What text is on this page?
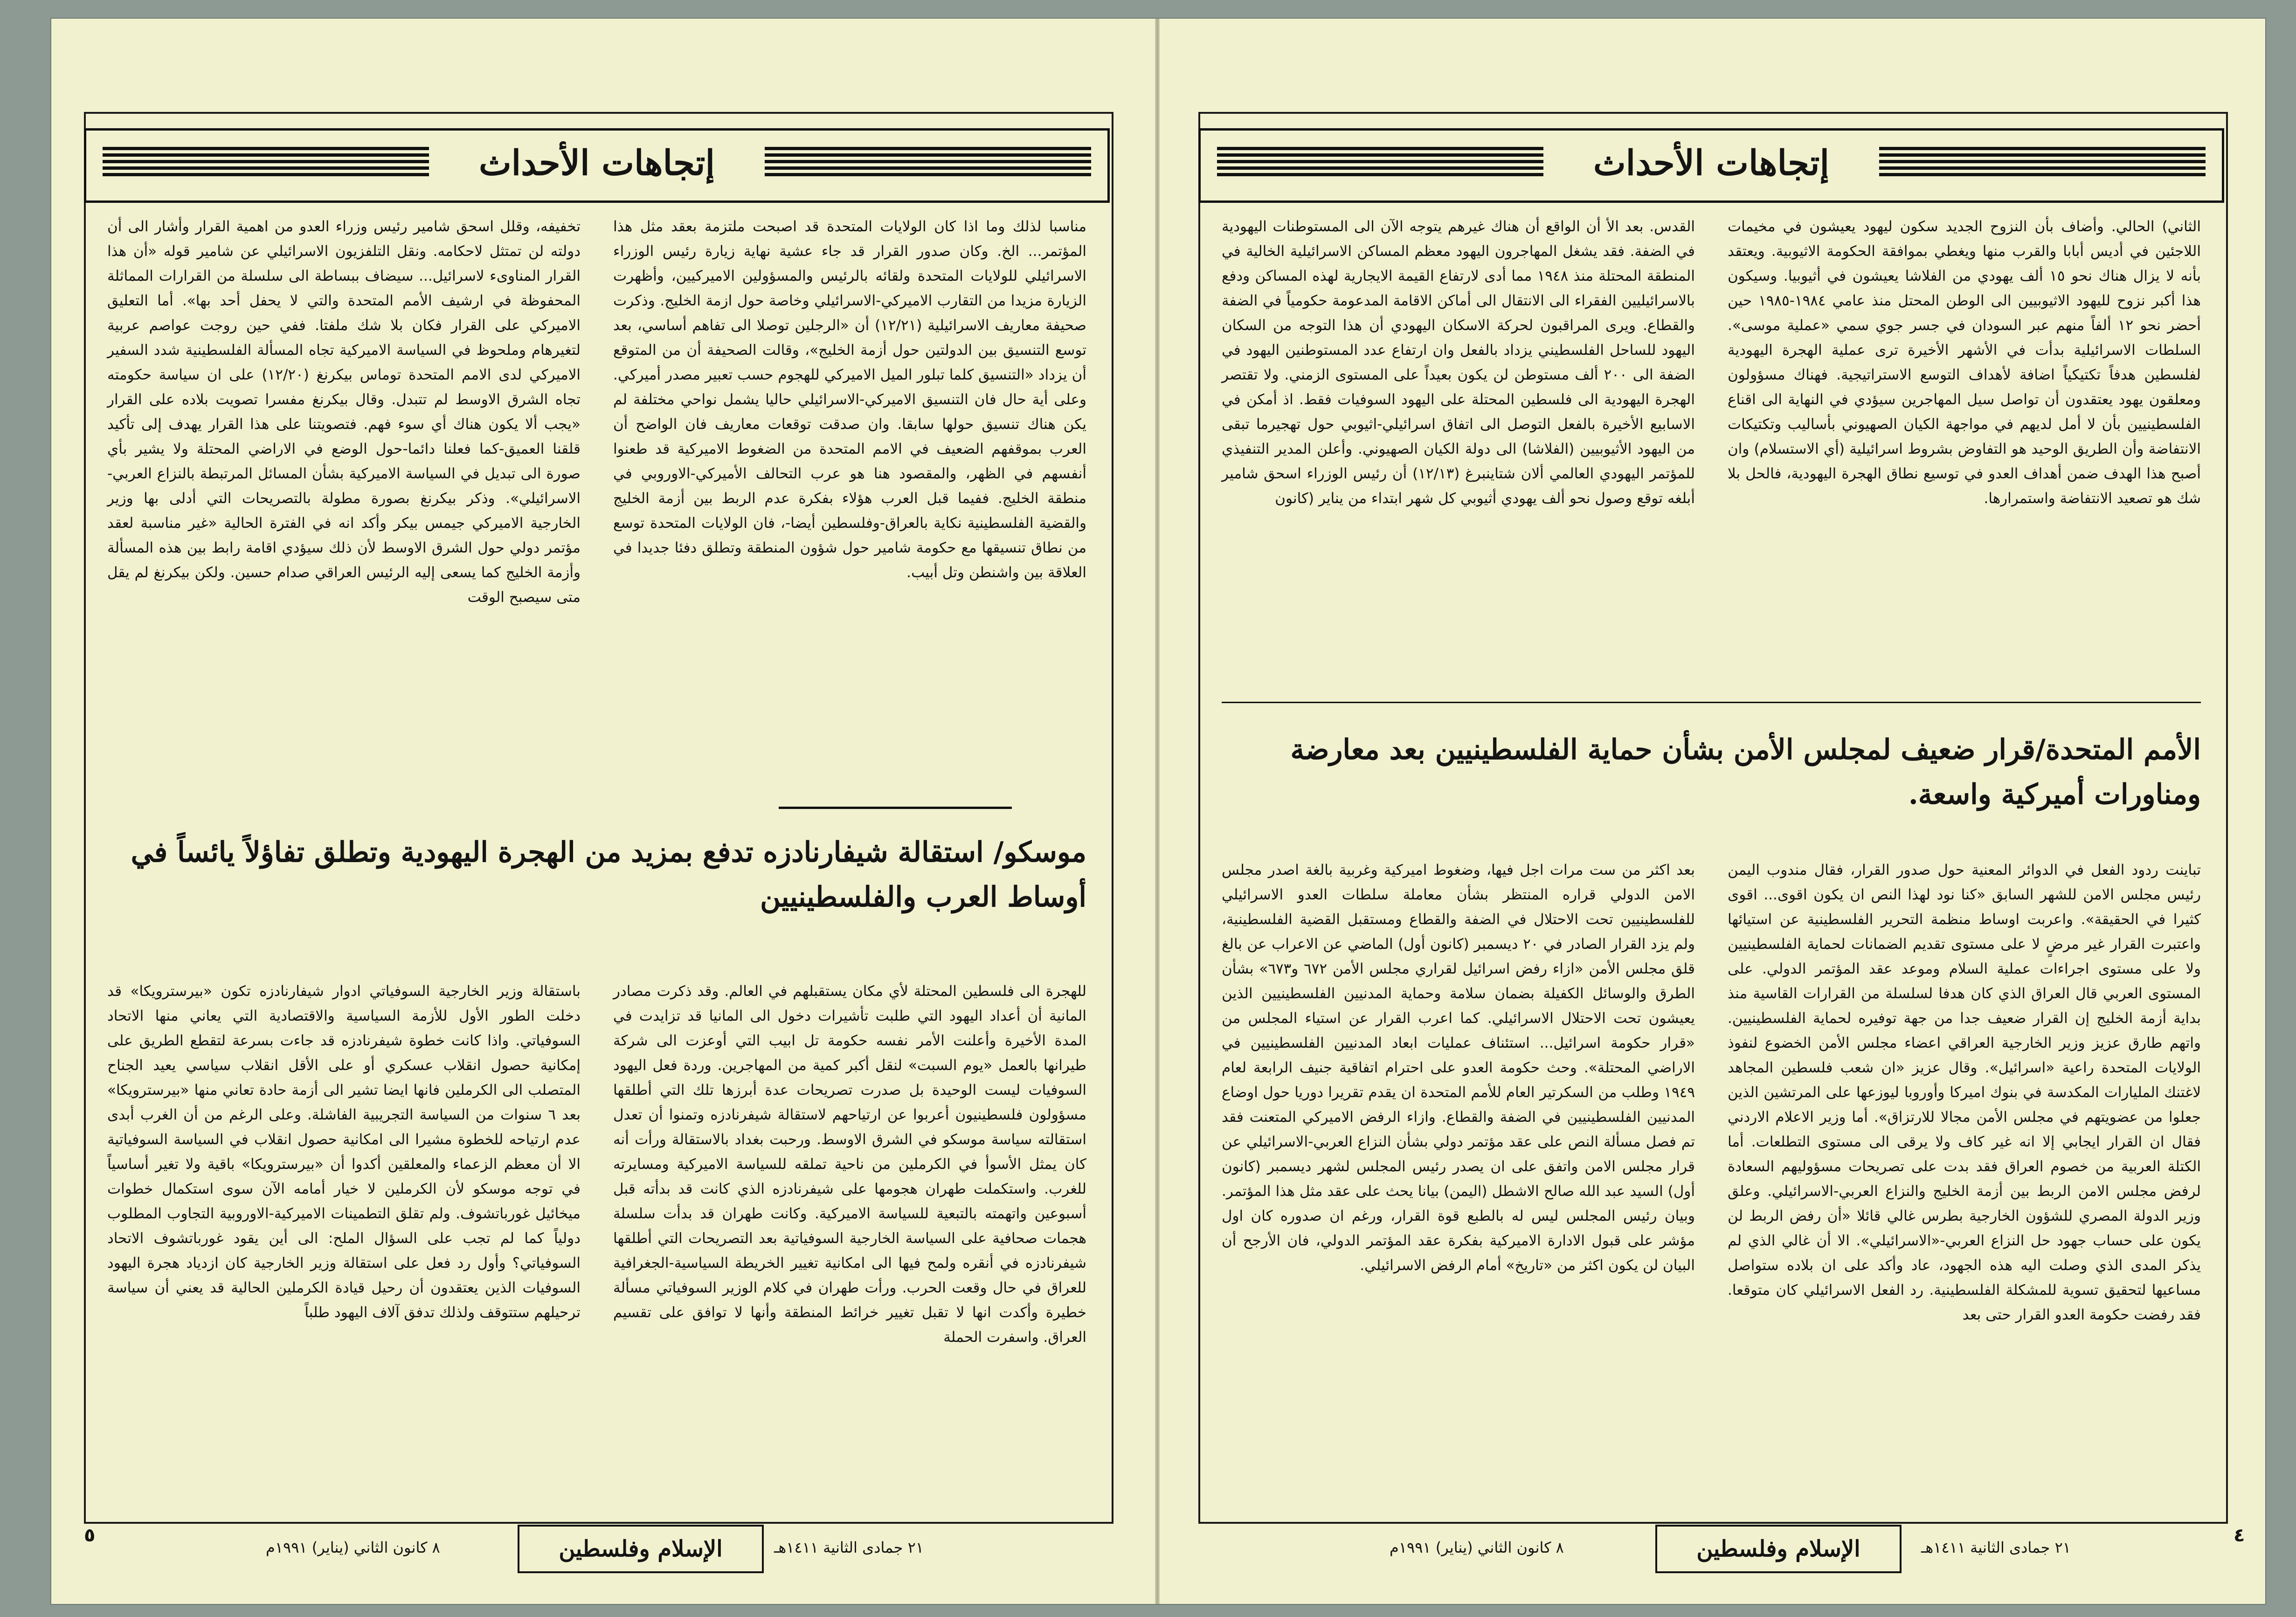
إتجاهات الأحداث

مناسبا لذلك وما اذا كان الولايات المتحدة قد اصبحت ملتزمة بعقد مثل هذا المؤتمر... الخ. وكان صدور القرار قد جاء عشية نهاية زيارة رئيس الوزراء الاسرائيلي للولايات المتحدة ولقائه بالرئيس والمسؤولين الاميركيين، وأظهرت الزيارة مزيدا من التقارب الاميركي-الاسرائيلي وخاصة حول ازمة الخليج. وذكرت صحيفة معاريف الاسرائيلية (١٢/٢١) أن «الرجلين توصلا الى تفاهم أساسي، بعد توسع التنسيق بين الدولتين حول أزمة الخليج»، وقالت الصحيفة أن من المتوقع أن يزداد «التنسيق كلما تبلور الميل الاميركي للهجوم حسب تعبير مصدر أميركي. وعلى أية حال فان التنسيق الاميركي-الاسرائيلي حاليا يشمل نواحي مختلفة لم يكن هناك تنسيق حولها سابقا. وان صدقت توقعات معاريف فان الواضح أن العرب بموقفهم الضعيف في الامم المتحدة من الضغوط الاميركية قد طعنوا أنفسهم في الظهر، والمقصود هنا هو عرب التحالف الأميركي-الاوروبي في منطقة الخليج. ففيما قبل العرب هؤلاء بفكرة عدم الربط بين أزمة الخليج والقضية الفلسطينية نكاية بالعراق-وفلسطين أيضا-، فان الولايات المتحدة توسع من نطاق تنسيقها مع حكومة شامير حول شؤون المنطقة وتطلق دفئا جديدا في العلاقة بين واشنطن وتل أبيب.

تخفيفه، وقلل اسحق شامير رئيس وزراء العدو من اهمية القرار وأشار الى أن دولته لن تمتثل لاحكامه. ونقل التلفزيون الاسرائيلي عن شامير قوله «أن هذا القرار المناوىء لاسرائيل... سيضاف ببساطة الى سلسلة من القرارات المماثلة المحفوظة في ارشيف الأمم المتحدة والتي لا يحفل أحد بها». أما التعليق الاميركي على القرار فكان بلا شك ملفتا. ففي حين روجت عواصم عربية لتغيرهام وملحوظ في السياسة الاميركية تجاه المسألة الفلسطينية شدد السفير الاميركي لدى الامم المتحدة توماس بيكرنغ (١٢/٢٠) على ان سياسة حكومته تجاه الشرق الاوسط لم تتبدل. وقال بيكرنغ مفسرا تصويت بلاده على القرار «يجب ألا يكون هناك أي سوء فهم. فتصويتنا على هذا القرار يهدف إلى تأكيد قلقنا العميق-كما فعلنا دائما-حول الوضع في الاراضي المحتلة ولا يشير بأي صورة الى تبديل في السياسة الاميركية بشأن المسائل المرتبطة بالنزاع العربي-الاسرائيلي». وذكر بيكرنغ بصورة مطولة بالتصريحات التي أدلى بها وزير الخارجية الاميركي جيمس بيكر وأكد انه في الفترة الحالية «غير مناسبة لعقد مؤتمر دولي حول الشرق الاوسط لأن ذلك سيؤدي اقامة رابط بين هذه المسألة وأزمة الخليج كما يسعى إليه الرئيس العراقي صدام حسين. ولكن بيكرنغ لم يقل متى سيصبح الوقت

موسكو/ استقالة شيفارنادزه تدفع بمزيد من الهجرة اليهودية وتطلق تفاؤلاً يائساً في أوساط العرب والفلسطينيين

للهجرة الى فلسطين المحتلة لأي مكان يستقبلهم في العالم. وقد ذكرت مصادر المانية أن أعداد اليهود التي طلبت تأشيرات دخول الى المانيا قد تزايدت في المدة الأخيرة وأعلنت الأمر نفسه حكومة تل ابيب التي أوعزت الى شركة طيرانها بالعمل «يوم السبت» لنقل أكبر كمية من المهاجرين. وردة فعل اليهود السوفيات ليست الوحيدة بل صدرت تصريحات عدة أبرزها تلك التي أطلقها مسؤولون فلسطينيون أعربوا عن ارتياحهم لاستقالة شيفرنادزه وتمنوا أن تعدل استقالته سياسة موسكو في الشرق الاوسط. ورحبت بغداد بالاستقالة ورأت أنه كان يمثل الأسوأ في الكرملين من ناحية تملقه للسياسة الاميركية ومسايرته للغرب. واستكملت طهران هجومها على شيفرنادزه الذي كانت قد بدأته قبل أسبوعين واتهمته بالتبعية للسياسة الاميركية. وكانت طهران قد بدأت سلسلة هجمات صحافية على السياسة الخارجية السوفياتية بعد التصريحات التي أطلقها شيفرنادزه في أنقره ولمح فيها الى امكانية تغيير الخريطة السياسية-الجغرافية للعراق في حال وقعت الحرب. ورأت طهران في كلام الوزير السوفياتي مسألة خطيرة وأكدت انها لا تقبل تغيير خرائط المنطقة وأنها لا توافق على تقسيم العراق. واسفرت الحملة

باستقالة وزير الخارجية السوفياتي ادوار شيفارنادزه تكون «بيرسترويكا» قد دخلت الطور الأول للأزمة السياسية والاقتصادية التي يعاني منها الاتحاد السوفياتي. واذا كانت خطوة شيفرنادزه قد جاءت بسرعة لتقطع الطريق على إمكانية حصول انقلاب عسكري أو على الأقل انقلاب سياسي يعيد الجناح المتصلب الى الكرملين فانها ايضا تشير الى أزمة حادة تعاني منها «بيرسترويكا» بعد ٦ سنوات من السياسة التجريبية الفاشلة. وعلى الرغم من أن الغرب أبدى عدم ارتياحه للخطوة مشيرا الى امكانية حصول انقلاب في السياسة السوفياتية الا أن معظم الزعماء والمعلقين أكدوا أن «بيرسترويكا» باقية ولا تغير أساسياً في توجه موسكو لأن الكرملين لا خيار أمامه الآن سوى استكمال خطوات ميخائيل غورباتشوف. ولم تقلق التطمينات الاميركية-الاوروبية التجاوب المطلوب دولياً كما لم تجب على السؤال الملح: الى أين يقود غورباتشوف الاتحاد السوفياتي؟ وأول رد فعل على استقالة وزير الخارجية كان ازدياد هجرة اليهود السوفيات الذين يعتقدون أن رحيل قيادة الكرملين الحالية قد يعني أن سياسة ترحيلهم ستتوقف ولذلك تدفق آلاف اليهود طلباً

٥
الإسلام وفلسطين	٢١ جمادى الثانية ١٤١١هـ
٨ كانون الثاني (يناير) ١٩٩١م
إتجاهات الأحداث

الثاني) الحالي. وأضاف بأن النزوح الجديد سكون ليهود يعيشون في مخيمات اللاجئين في أديس أبابا والقرب منها ويغطي بموافقة الحكومة الاثيوبية. ويعتقد بأنه لا يزال هناك نحو ١٥ ألف يهودي من الفلاشا يعيشون في أثيوبيا. وسيكون هذا أكبر نزوح لليهود الاثيوبيين الى الوطن المحتل منذ عامي ١٩٨٤-١٩٨٥ حين أحضر نحو ١٢ ألفاً منهم عبر السودان في جسر جوي سمي «عملية موسى». السلطات الاسرائيلية بدأت في الأشهر الأخيرة ترى عملية الهجرة اليهودية لفلسطين هدفاً تكتيكياً اضافة لأهداف التوسع الاستراتيجية. فهناك مسؤولون ومعلقون يهود يعتقدون أن تواصل سيل المهاجرين سيؤدي في النهاية الى اقناع الفلسطينيين بأن لا أمل لديهم في مواجهة الكيان الصهيوني بأساليب وتكتيكات الانتفاضة وأن الطريق الوحيد هو التفاوض بشروط اسرائيلية (أي الاستسلام) وان أصبح هذا الهدف ضمن أهداف العدو في توسيع نطاق الهجرة اليهودية، فالحل بلا شك هو تصعيد الانتفاضة واستمرارها.

القدس. بعد الأ أن الواقع أن هناك غيرهم يتوجه الآن الى المستوطنات اليهودية في الضفة. فقد يشغل المهاجرون اليهود معظم المساكن الاسرائيلية الخالية في المنطقة المحتلة منذ ١٩٤٨ مما أدى لارتفاع القيمة الايجارية لهذه المساكن ودفع بالاسرائيليين الفقراء الى الانتقال الى أماكن الاقامة المدعومة حكومياً في الضفة والقطاع. ويرى المراقبون لحركة الاسكان اليهودي أن هذا التوجه من السكان اليهود للساحل الفلسطيني يزداد بالفعل وان ارتفاع عدد المستوطنين اليهود في الضفة الى ٢٠٠ ألف مستوطن لن يكون بعيداً على المستوى الزمني. ولا تقتصر الهجرة اليهودية الى فلسطين المحتلة على اليهود السوفيات فقط. اذ أمكن في الاسابيع الأخيرة بالفعل التوصل الى اتفاق اسرائيلي-اثيوبي حول تهجيرما تبقى من اليهود الأثيوبيين (الفلاشا) الى دولة الكيان الصهيوني. وأعلن المدير التنفيذي للمؤتمر اليهودي العالمي ألان شتاينبرغ (١٢/١٣) أن رئيس الوزراء اسحق شامير أبلغه توقع وصول نحو ألف يهودي أثيوبي كل شهر ابتداء من يناير (كانون

الأمم المتحدة/قرار ضعيف لمجلس الأمن بشأن حماية الفلسطينيين بعد معارضة ومناورات أميركية واسعة.

تباينت ردود الفعل في الدوائر المعنية حول صدور القرار، فقال مندوب اليمن رئيس مجلس الامن للشهر السابق «كنا نود لهذا النص ان يكون اقوى... اقوى كثيرا في الحقيقة». واعربت اوساط منظمة التحرير الفلسطينية عن استيائها واعتبرت القرار غير مرضٍ لا على مستوى تقديم الضمانات لحماية الفلسطينيين ولا على مستوى اجراءات عملية السلام وموعد عقد المؤتمر الدولي. على المستوى العربي قال العراق الذي كان هدفا لسلسلة من القرارات القاسية منذ بداية أزمة الخليج إن القرار ضعيف جدا من جهة توفيره لحماية الفلسطينيين. واتهم طارق عزيز وزير الخارجية العراقي اعضاء مجلس الأمن الخضوع لنفوذ الولايات المتحدة راعية «اسرائيل». وقال عزيز «ان شعب فلسطين المجاهد لاغتنك المليارات المكدسة في بنوك اميركا وأوروبا ليوزعها على المرتشين الذين جعلوا من عضويتهم في مجلس الأمن مجالا للارتزاق». أما وزير الاعلام الاردني فقال ان القرار ايجابي إلا انه غير كاف ولا يرقى الى مستوى التطلعات. أما الكتلة العربية من خصوم العراق فقد بدت على تصريحات مسؤوليهم السعادة لرفض مجلس الامن الربط بين أزمة الخليج والنزاع العربي-الاسرائيلي. وعلق وزير الدولة المصري للشؤون الخارجية بطرس غالي قائلا «أن رفض الربط لن يكون على حساب جهود حل النزاع العربي-«الاسرائيلي». الا أن غالي الذي لم يذكر المدى الذي وصلت اليه هذه الجهود، عاد وأكد على ان بلاده ستواصل مساعيها لتحقيق تسوية للمشكلة الفلسطينية. رد الفعل الاسرائيلي كان متوقعا. فقد رفضت حكومة العدو القرار حتى بعد

بعد اكثر من ست مرات اجل فيها، وضغوط اميركية وغربية بالغة اصدر مجلس الامن الدولي قراره المنتظر بشأن معاملة سلطات العدو الاسرائيلي للفلسطينيين تحت الاحتلال في الضفة والقطاع ومستقبل القضية الفلسطينية، ولم يزد القرار الصادر في ٢٠ ديسمبر (كانون أول) الماضي عن الاعراب عن بالغ قلق مجلس الأمن «ازاء رفض اسرائيل لقراري مجلس الأمن ٦٧٢ و٦٧٣» بشأن الطرق والوسائل الكفيلة بضمان سلامة وحماية المدنيين الفلسطينيين الذين يعيشون تحت الاحتلال الاسرائيلي. كما اعرب القرار عن استياء المجلس من «قرار حكومة اسرائيل... استئناف عمليات ابعاد المدنيين الفلسطينيين في الاراضي المحتلة». وحث حكومة العدو على احترام اتفاقية جنيف الرابعة لعام ١٩٤٩ وطلب من السكرتير العام للأمم المتحدة ان يقدم تقريرا دوريا حول اوضاع المدنيين الفلسطينيين في الضفة والقطاع. وازاء الرفض الاميركي المتعنت فقد تم فصل مسألة النص على عقد مؤتمر دولي بشأن النزاع العربي-الاسرائيلي عن قرار مجلس الامن واتفق على ان يصدر رئيس المجلس لشهر ديسمبر (كانون أول) السيد عبد الله صالح الاشطل (اليمن) بيانا يحث على عقد مثل هذا المؤتمر. وبيان رئيس المجلس ليس له بالطبع قوة القرار، ورغم ان صدوره كان اول مؤشر على قبول الادارة الاميركية بفكرة عقد المؤتمر الدولي، فان الأرجح أن البيان لن يكون اكثر من «تاريخ» أمام الرفض الاسرائيلي.

٤
الإسلام وفلسطين	٢١ جمادى الثانية ١٤١١هـ
٨ كانون الثاني (يناير) ١٩٩١م
